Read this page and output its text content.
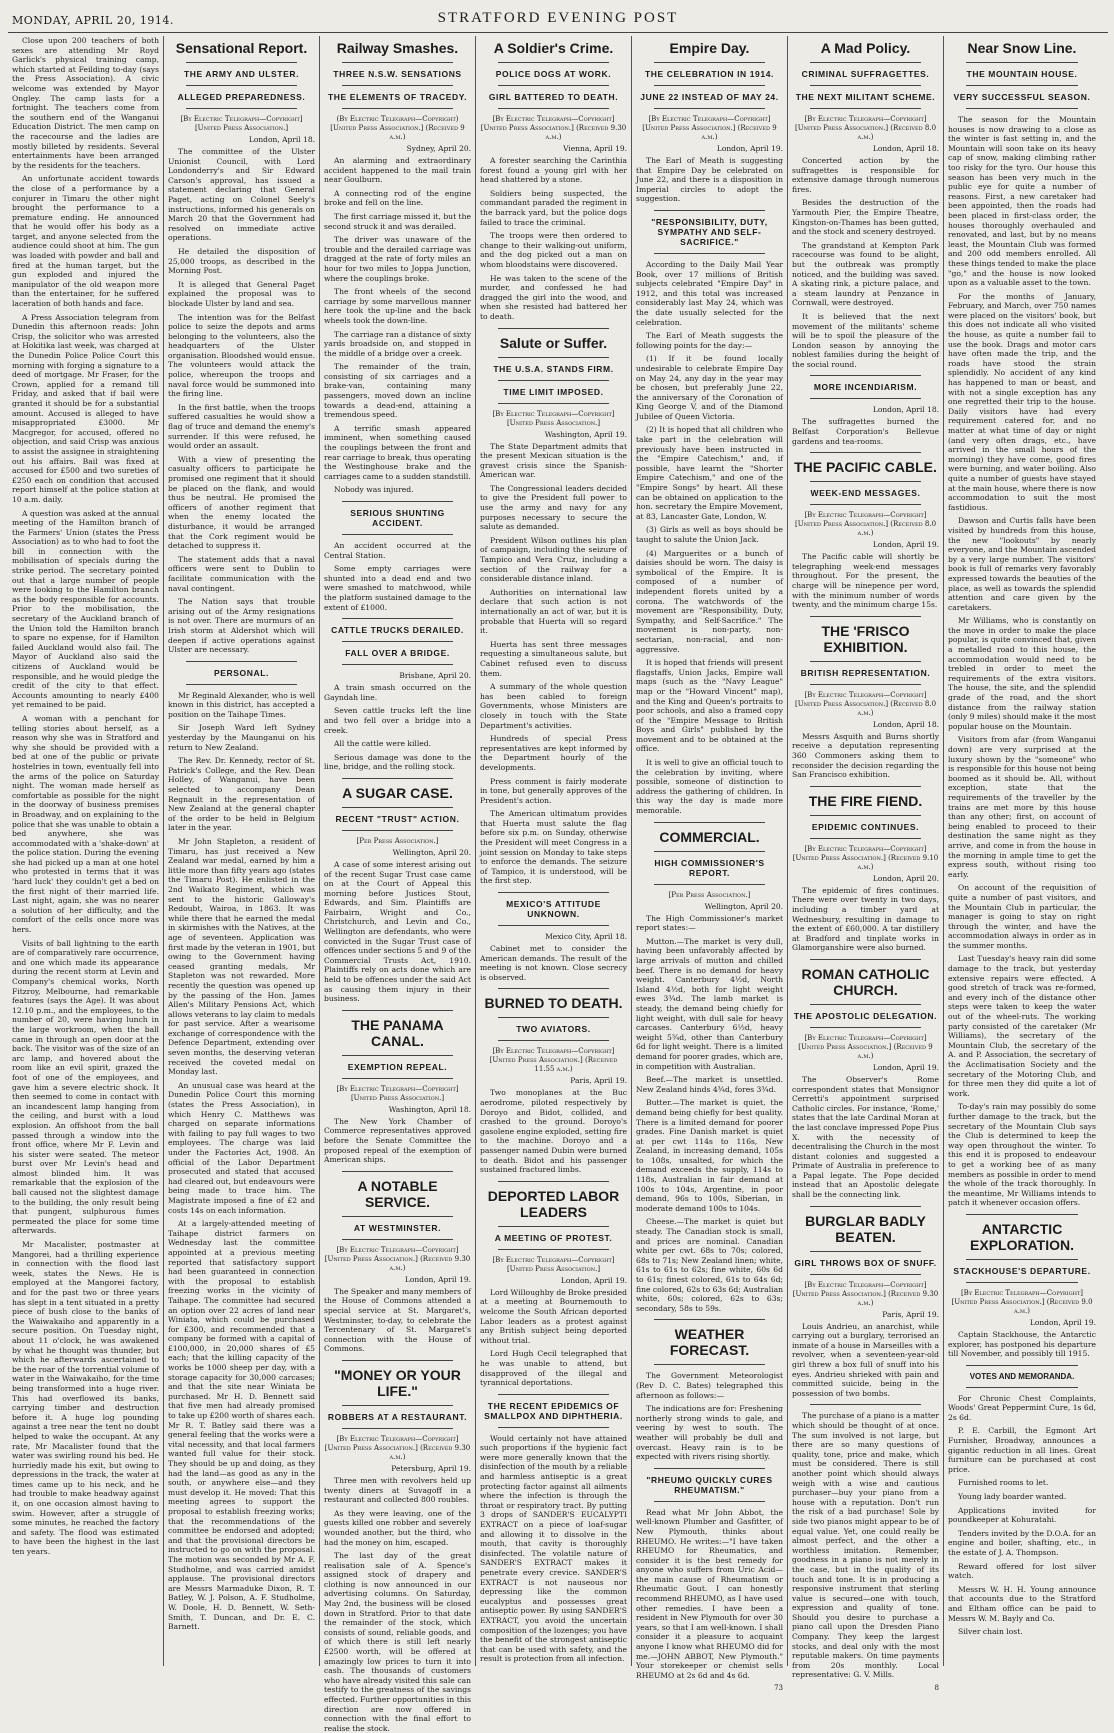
MONDAY, APRIL 20, 1914.	STRATFORD EVENING POST

Close upon 200 teachers of both sexes are attending Mr Royd Garlick's physical training camp, which started at Feilding to-day (says the Press Association). A civic welcome was extended by Mayor Ongley. The camp lasts for a fortnight. The teachers come from the southern end of the Wanganui Education District. The men camp on the racecourse and the ladies are mostly billeted by residents. Several entertainments have been arranged by the residents for the teachers.

An unfortunate accident towards the close of a performance by a conjurer in Timaru the other night brought the performance to a premature ending. He announced that he would offer his body as a target, and anyone selected from the audience could shoot at him. The gun was loaded with powder and ball and fired at the human target, but the gun exploded and injured the manipulator of the old weapon more than the entertainer, for he suffered laceration of both hands and face.

A Press Association telegram from Dunedin this afternoon reads: John Crisp, the solicitor who was arrested at Hokitika last week, was charged at the Dunedin Police Police Court this morning with forging a signature to a deed of mortgage. Mr Fraser, for the Crown, applied for a remand till Friday, and asked that if bail were granted it should be for a substantial amount. Accused is alleged to have misappropriated £3000. Mr Macgregor, for accused, offered no objection, and said Crisp was anxious to assist the assignee in straightening out his affairs. Bail was fixed at accused for £500 and two sureties of £250 each on condition that accused report himself at the police station at 10 a.m. daily.

A question was asked at the annual meeting of the Hamilton branch of the Farmers' Union (states the Press Association) as to who had to foot the bill in connection with the mobilisation of specials during the strike period. The secretary pointed out that a large number of people were looking to the Hamilton branch as the body responsible for accounts. Prior to the mobilisation, the secretary of the Auckland branch of the Union told the Hamilton branch to spare no expense, for if Hamilton failed Auckland would also fail. The Mayor of Auckland also said the citizens of Auckland would be responsible, and he would pledge the credit of the city to that effect. Accounts amounting to nearly £400 yet remained to be paid.

A woman with a penchant for telling stories about herself, as a reason why she was in Stratford and why she should be provided with a bed at one of the public or private hostelries in town, eventually fell into the arms of the police on Saturday night. The woman made herself as comfortable as possible for the night in the doorway of business premises in Broadway, and on explaining to the police that she was unable to obtain a bed anywhere, she was accommodated with a 'shake-down' at the police station. During the evening she had picked up a man at one hotel who protested in terms that it was 'hard luck' they couldn't get a bed on the first night of their married life. Last night, again, she was no nearer a solution of her difficulty, and the comfort of the cells once more was hers.

Visits of ball lightning to the earth are of comparatively rare occurrence, and one which made its appearance during the recent storm at Levin and Company's chemical works, North Fitzroy, Melbourne, had remarkable features (says the Age). It was about 12.10 p.m., and the employees, to the number of 20, were having lunch in the large workroom, when the ball came in through an open door at the back. The visitor was of the size of an arc lamp, and hovered about the room like an evil spirit, grazed the foot of one of the employees, and gave him a severe electric shock. It then seemed to come in contact with an incandescent lamp hanging from the ceiling, and burst with a loud explosion. An offshoot from the ball passed through a window into the front office, where Mr F. Levin and his sister were seated. The meteor burst over Mr Levin's head and almost blinded him. It was remarkable that the explosion of the ball caused not the slightest damage to the building, the only result being that pungent, sulphurous fumes permeated the place for some time afterwards.

Mr Macalister, postmaster at Mangorei, had a thrilling experience in connection with the flood last week, states the News. He is employed at the Mangorei factory, and for the past two or three years has slept in a tent situated in a pretty piece of bush close to the banks of the Waiwakaiho and apparently in a secure position. On Tuesday night, about 11 o'clock, he was awakened by what he thought was thunder, but which he afterwards ascertained to be the roar of the torrential volume of water in the Waiwakaiho, for the time being transformed into a huge river. This had overflowed its banks, carrying timber and destruction before it. A huge log pounding against a tree near the tent no doubt helped to wake the occupant. At any rate, Mr Macalister found that the water was swirling round his bed. He hurriedly made his exit, but owing to depressions in the track, the water at times came up to his neck, and he had trouble to make headway against it, on one occasion almost having to swim. However, after a struggle of some minutes, he reached the factory and safety. The flood was estimated to have been the highest in the last ten years.

Sensational Report.
THE ARMY AND ULSTER.
ALLEGED PREPAREDNESS.
[By Electric Telegraph—Copyright] [United Press Association.]
London, April 18.

The committee of the Ulster Unionist Council, with Lord Londonderry's and Sir Edward Carson's approval, has issued a statement declaring that General Paget, acting on Colonel Seely's instructions, informed his generals on March 20 that the Government had resolved on immediate active operations.

He detailed the disposition of 25,000 troops, as described in the Morning Post.

It is alleged that General Paget explained the proposal was to blockade Ulster by land and sea.

The intention was for the Belfast police to seize the depots and arms belonging to the volunteers, also the headquarters of the Ulster organisation. Bloodshed would ensue. The volunteers would attack the police, whereupon the troops and naval force would be summoned into the firing line.

In the first battle, when the troops suffered casualties he would show a flag of truce and demand the enemy's surrender. If this were refused, he would order an assault.

With a view of presenting the casualty officers to participate he promised one regiment that it should be placed on the flank, and would thus be neutral. He promised the officers of another regiment that when the enemy located the disturbance, it would be arranged that the Cork regiment would be detached to suppress it.

The statement adds that a naval officers were sent to Dublin to facilitate communication with the naval contingent.

The Nation says that trouble arising out of the Army resignations is not over. There are murmurs of an Irish storm at Aldershot which will deepen if active operations against Ulster are necessary.

PERSONAL.

Mr Reginald Alexander, who is well known in this district, has accepted a position on the Taihape Times.

Sir Joseph Ward left Sydney yesterday by the Maunganui on his return to New Zealand.

The Rev. Dr. Kennedy, rector of St. Patrick's College, and the Rev. Dean Holley, of Wanganui, have been selected to accompany Dean Regnault in the representation of New Zealand at the general chapter of the order to be held in Belgium later in the year.

Mr John Stapleton, a resident of Timaru, has just received a New Zealand war medal, earned by him a little more than fifty years ago (states the Timaru Post). He enlisted in the 2nd Waikato Regiment, which was sent to the historic Galloway's Redoubt, Wairoa, in 1863. It was while there that he earned the medal in skirmishes with the Natives, at the age of seventeen. Application was first made by the veteran in 1901, but owing to the Government having ceased granting medals, Mr Stapleton was not rewarded. More recently the question was opened up by the passing of the Hon. James Allen's Military Pensions Act, which allows veterans to lay claim to medals for past service. After a wearisome exchange of correspondence with the Defence Department, extending over seven months, the deserving veteran received the coveted medal on Monday last.

An unusual case was heard at the Dunedin Police Court this morning (states the Press Association), in which Henry C. Matthews was charged on separate informations with failing to pay full wages to two employees. The charge was laid under the Factories Act, 1908. An official of the Labor Department prosecuted and stated that accused had cleared out, but endeavours were being made to trace him. The Magistrate imposed a fine of £2 and costs 14s on each information.

At a largely-attended meeting of Taihape district farmers on Wednesday last the committee appointed at a previous meeting reported that satisfactory support had been guaranteed in connection with the proposal to establish freezing works in the vicinity of Taihape. The committee had secured an option over 22 acres of land near Winiata, which could be purchased for £300, and recommended that a company be formed with a capital of £100,000, in 20,000 shares of £5 each; that the killing capacity of the works be 1000 sheep per day, with a storage capacity for 30,000 carcases; and that the site near Winiata be purchased. Mr H. D. Bennett said that five men had already promised to take up £200 worth of shares each. Mr R. T. Batley said there was a general feeling that the works were a vital necessity, and that local farmers wanted full value for their stock. They should be up and doing, as they had the land—as good as any in the south, or anywhere else—and they must develop it. He moved: That this meeting agrees to support the proposal to establish freezing works; that the recommendations of the committee be endorsed and adopted; and that the provisional directors be instructed to go on with the proposal. The motion was seconded by Mr A. F. Studholme, and was carried amidst applause. The provisional directors are Messrs Marmaduke Dixon, R. T. Batley, W. J. Polson, A. F. Studholme, W. Doole, H. D. Bennett, W. Seth-Smith, T. Duncan, and Dr. E. C. Barnett.

Railway Smashes.
THREE N.S.W. SENSATIONS
THE ELEMENTS OF TRACEDY.
(By Electric Telegraph—Copyright) [United Press Association.] (Received 9 a.m.)
Sydney, April 20.

An alarming and extraordinary accident happened to the mail train near Goulburn.

A connecting rod of the engine broke and fell on the line.

The first carriage missed it, but the second struck it and was derailed.

The driver was unaware of the trouble and the derailed carriage was dragged at the rate of forty miles an hour for two miles to Joppa Junction, where the couplings broke.

The front wheels of the second carriage by some marvellous manner here took the up-line and the back wheels took the down-line.

The carriage ran a distance of sixty yards broadside on, and stopped in the middle of a bridge over a creek.

The remainder of the train, consisting of six carriages and a brake-van, containing many passengers, moved down an incline towards a dead-end, attaining a tremendous speed.

A terrific smash appeared imminent, when something caused the couplings between the front and rear carriage to break, thus operating the Westinghouse brake and the carriages came to a sudden standstill.

Nobody was injured.

SERIOUS SHUNTING ACCIDENT.

An accident occurred at the Central Station.

Some empty carriages were shunted into a dead end and two were smashed to matchwood, while the platform sustained damage to the extent of £1000.

CATTLE TRUCKS DERAILED.
FALL OVER A BRIDGE.
Brisbane, April 20.

A train smash occurred on the Gayndah line.

Seven cattle trucks left the line and two fell over a bridge into a creek.

All the cattle were killed.

Serious damage was done to the line, bridge, and the rolling stock.

A SUGAR CASE.
RECENT "TRUST" ACTION.
[Per Press Association.]
Wellington, April 20.

A case of some interest arising out of the recent Sugar Trust case came on at the Court of Appeal this morning before Justices Stout, Edwards, and Sim. Plaintiffs are Fairbairn, Wright and Co., Christchurch, and Levin and Co., Wellington are defendants, who were convicted in the Sugar Trust case of offences under sections 5 and 9 of the Commercial Trusts Act, 1910. Plaintiffs rely on acts done which are held to be offences under the said Act as causing them injury in their business.

THE PANAMA CANAL.
EXEMPTION REPEAL.
[By Electric Telegraph—Copyright] [United Press Association.]
Washington, April 18.

The New York Chamber of Commerce representatives approved before the Senate Committee the proposed repeal of the exemption of American ships.

A NOTABLE SERVICE.
AT WESTMINSTER.
[By Electric Telegraph—Copyright] [United Press Association.] (Received 9.30 a.m.)
London, April 19.

The Speaker and many members of the House of Commons attended a special service at St. Margaret's, Westminster, to-day, to celebrate the Tercentenary of St. Margaret's connection with the House of Commons.

"MONEY OR YOUR LIFE."
ROBBERS AT A RESTAURANT.
[By Electric Telegraph—Copyright] [United Press Association.] (Received 9.30 a.m.)
Petersburg, April 19.

Three men with revolvers held up twenty diners at Suvagoff in a restaurant and collected 800 roubles.

As they were leaving, one of the guests killed one robber and severely wounded another, but the third, who had the money on him, escaped.

The last day of the great realisation sale of A. Spence's assigned stock of drapery and clothing is now announced in our advertising columns. On Saturday, May 2nd, the business will be closed down in Stratford. Prior to that date the remainder of the stock, which consists of sound, reliable goods, and of which there is still left nearly £2500 worth, will be offered at amazingly low prices to turn it into cash. The thousands of customers who have already visited this sale can testify to the greatness of the savings effected. Further opportunities in this direction are now offered in connection with the final effort to realise the stock.

A Soldier's Crime.
POLICE DOGS AT WORK.
GIRL BATTERED TO DEATH.
[By Electric Telegraph—Copyright] [United Press Association.] (Received 9.30 a.m.)
Vienna, April 19.

A forester searching the Carinthia forest found a young girl with her head shattered by a stone.

Soldiers being suspected, the commandant paraded the regiment in the barrack yard, but the police dogs failed to trace the criminal.

The troops were then ordered to change to their walking-out uniform, and the dog picked out a man on whom bloodstains were discovered.

He was taken to the scene of the murder, and confessed he had dragged the girl into the wood, and when she resisted had battered her to death.

Salute or Suffer.
THE U.S.A. STANDS FIRM.
TIME LIMIT IMPOSED.
[By Electric Telegraph—Copyright] [United Press Association.]
Washington, April 19.

The State Department admits that the present Mexican situation is the gravest crisis since the Spanish-American war.

The Congressional leaders decided to give the President full power to use the army and navy for any purposes necessary to secure the salute as demanded.

President Wilson outlines his plan of campaign, including the seizure of Tampico and Vera Cruz, including a section of the railway for a considerable distance inland.

Authorities on international law declare that such action is not internationally an act of war, but it is probable that Huerta will so regard it.

Huerta has sent three messages requesting a simultaneous salute, but Cabinet refused even to discuss them.

A summary of the whole question has been cabled to foreign Governments, whose Ministers are closely in touch with the State Department's activities.

Hundreds of special Press representatives are kept informed by the Department hourly of the developments.

Press comment is fairly moderate in tone, but generally approves of the President's action.

The American ultimatum provides that Huerta must salute the flag before six p.m. on Sunday, otherwise the President will meet Congress in a joint session on Monday to take steps to enforce the demands. The seizure of Tampico, it is understood, will be the first step.

MEXICO'S ATTITUDE UNKNOWN.
Mexico City, April 18.

Cabinet met to consider the American demands. The result of the meeting is not known. Close secrecy is observed.

BURNED TO DEATH.
TWO AVIATORS.
[By Electric Telegraph—Copyright] [United Press Association.] (Received 11.55 a.m.)
Paris, April 19.

Two monoplanes at the Buc aerodrome, piloted respectively by Doroyo and Bidot, collided, and crashed to the ground. Doroyo's gasolene engine exploded, setting fire to the machine. Doroyo and a passenger named Dubin were burned to death. Bidot and his passenger sustained fractured limbs.

DEPORTED LABOR LEADERS
A MEETING OF PROTEST.
[By Electric Telegraph—Copyright] [United Press Association.]
London, April 19.

Lord Willoughby de Broke presided at a meeting at Bournemouth to welcome the South African deported Labor leaders as a protest against any British subject being deported without trial.

Lord Hugh Cecil telegraphed that he was unable to attend, but disapproved of the illegal and tyrannical deportations.

THE RECENT EPIDEMICS OF SMALLPOX AND DIPHTHERIA.

Would certainly not have attained such proportions if the hygienic fact were more generally known that the disinfection of the mouth by a reliable and harmless antiseptic is a great protecting factor against all ailments where the infection is through the throat or respiratory tract. By putting 3 drops of SANDER'S EUCALYPTI EXTRACT on a piece of loaf-sugar and allowing it to dissolve in the mouth, that cavity is thoroughly disinfected. The volatile nature of SANDER'S EXTRACT makes it penetrate every crevice. SANDER'S EXTRACT is not nauseous nor depressing like the common eucalyptus and possesses great antiseptic power. By using SANDER'S EXTRACT, you avoid the uncertain composition of the lozenges; you have the benefit of the strongest antiseptic that can be used with safety, and the result is protection from all infection.

Empire Day.
THE CELEBRATION IN 1914.
JUNE 22 INSTEAD OF MAY 24.
[By Electric Telegraph—Copyright] [United Press Association.] (Received 9 a.m.)
London, April 19.

The Earl of Meath is suggesting that Empire Day be celebrated on June 22, and there is a disposition in Imperial circles to adopt the suggestion.

"RESPONSIBILITY, DUTY, SYMPATHY AND SELF-SACRIFICE."

According to the Daily Mail Year Book, over 17 millions of British subjects celebrated "Empire Day" in 1912, and this total was increased considerably last May 24, which was the date usually selected for the celebration.

The Earl of Meath suggests the following points for the day:—

(1) If it be found locally undesirable to celebrate Empire Day on May 24, any day in the year may be chosen, but preferably June 22, the anniversary of the Coronation of King George V, and of the Diamond Jubilee of Queen Victoria.

(2) It is hoped that all children who take part in the celebration will previously have been instructed in the "Empire Catechism," and, if possible, have learnt the "Shorter Empire Catechism," and one of the "Empire Songs" by heart. All these can be obtained on application to the hon. secretary the Empire Movement, at 83, Lancaster Gate, London, W.

(3) Girls as well as boys should be taught to salute the Union Jack.

(4) Marguerites or a bunch of daisies should be worn. The daisy is symbolical of the Empire. It is composed of a number of independent florets united by a corona. The watchwords of the movement are "Responsibility, Duty, Sympathy, and Self-Sacrifice." The movement is non-party, non-sectarian, non-racial, and non-aggressive.

It is hoped that friends will present flagstaffs, Union Jacks, Empire wall maps (such as the "Navy League" map or the "Howard Vincent" map), and the King and Queen's portraits to poor schools, and also a framed copy of the "Empire Message to British Boys and Girls" published by the movement and to be obtained at the office.

It is well to give an official touch to the celebration by inviting, where possible, someone of distinction to address the gathering of children. In this way the day is made more memorable.

COMMERCIAL.
HIGH COMMISSIONER'S REPORT.
[Per Press Association.]
Wellington, April 20.

The High Commissioner's market report states:—

Mutton.—The market is very dull, having been unfavorably affected by large arrivals of mutton and chilled beef. There is no demand for heavy weight. Canterbury 4½d, North Island 4½d, both for light weight ewes 3¾d. The lamb market is steady, the demand being chiefly for light weight, with dull sale for heavy carcases. Canterbury 6½d, heavy weight 5¾d, other than Canterbury 6d for light weight. There is a limited demand for poorer grades, which are, in competition with Australian.

Beef.—The market is unsettled. New Zealand hinds 4¾d, fores 3¾d.

Butter.—The market is quiet, the demand being chiefly for best quality. There is a limited demand for poorer grades. Fine Danish market is quiet at per cwt 114s to 116s, New Zealand, in increasing demand, 105s to 108s, unsalted, for which the demand exceeds the supply, 114s to 118s, Australian in fair demand at 100s to 104s, Argentine, in poor demand, 96s to 100s, Siberian, in moderate demand 100s to 104s.

Cheese.—The market is quiet but steady. The Canadian stock is small, and prices are nominal. Canadian white per cwt. 68s to 70s; colored, 68s to 71s; New Zealand linen; white, 61s to 61s to 62s; fine white, 60s 6d to 61s; finest colored, 61s to 64s 6d; fine colored, 62s to 63s 6d; Australian white, 60s; colored, 62s to 63s; secondary, 58s to 59s.

WEATHER FORECAST.

The Government Meteorologist (Rev D. C. Bates) telegraphed this afternoon as follows:—

The indications are for: Freshening northerly strong winds to gale, and veering by west to south. The weather will probably be dull and overcast. Heavy rain is to be expected with rivers rising shortly.

"RHEUMO QUICKLY CURES RHEUMATISM."

Read what Mr John Abbot, the well-known Plumber and Gasfitter, of New Plymouth, thinks about RHEUMO. He writes:—"I have taken RHEUMO for Rheumatics, and consider it is the best remedy for anyone who suffers from Uric Acid—the main cause of Rheumatism or Rheumatic Gout. I can honestly recommend RHEUMO, as I have used other remedies. I have been a resident in New Plymouth for over 30 years, so that I am well-known. I shall consider it a pleasure to acquaint anyone I know what RHEUMO did for me.—JOHN ABBOT, New Plymouth." Your storekeeper or chemist sells RHEUMO at 2s 6d and 4s 6d.

73
A Mad Policy.
CRIMINAL SUFFRAGETTES.
THE NEXT MILITANT SCHEME.
[By Electric Telegraph—Copyright] [United Press Association.] (Received 8.0 a.m.)
London, April 18.

Concerted action by the suffragettes is responsible for extensive damage through numerous fires.

Besides the destruction of the Yarmouth Pier, the Empire Theatre, Kingston-on-Thames has been gutted, and the stock and scenery destroyed.

The grandstand at Kempton Park racecourse was found to be alight, but the outbreak was promptly noticed, and the building was saved. A skating rink, a picture palace, and a steam laundry at Penzance in Cornwall, were destroyed.

It is believed that the next movement of the militants' scheme will be to spoil the pleasure of the London season by annoying the noblest families during the height of the social round.

MORE INCENDIARISM.
London, April 18.

The suffragettes burned the Belfast Corporation's Bellevue gardens and tea-rooms.

THE PACIFIC CABLE.
WEEK-END MESSAGES.
[By Electric Telegraph—Copyright] [United Press Association.] (Received 8.0 a.m.)
London, April 19.

The Pacific cable will shortly be telegraphing week-end messages throughout. For the present, the charge will be ninepence per word, with the minimum number of words twenty, and the minimum charge 15s.

THE 'FRISCO EXHIBITION.
BRITISH REPRESENTATION.
[By Electric Telegraph—Copyright] [United Press Association.] (Received 8.0 a.m.)
London, April 18.

Messrs Asquith and Burns shortly receive a deputation representing 360 Commoners asking them to reconsider the decision regarding the San Francisco exhibition.

THE FIRE FIEND.
EPIDEMIC CONTINUES.
[By Electric Telegraph—Copyright] [United Press Association.] (Received 9.10 a.m.)
London, April 20.

The epidemic of fires continues. There were over twenty in two days, including a timber yard at Wednesbury, resulting in damage to the extent of £60,000. A tar distillery at Bradford and tinplate works in Glamorganshire were also burned.

ROMAN CATHOLIC CHURCH.
THE APOSTOLIC DELEGATION.
[By Electric Telegraph—Copyright] [United Press Association.] (Received 9 a.m.)
London, April 19.

The Observer's Rome correspondent states that Monsignor Cerretti's appointment surprised Catholic circles. For instance, 'Rome,' states that the late Cardinal Moran at the last conclave impressed Pope Pius X. with the necessity of decentralising the Church in the most distant colonies and suggested a Primate of Australia in preference to a Papal legate. The Pope decided instead that an Apostolic delegate shall be the connecting link.

BURGLAR BADLY BEATEN.
GIRL THROWS BOX OF SNUFF.
[By Electric Telegraph—Copyright] [United Press Association.] (Received 9.30 a.m.)
Paris, April 19.

Louis Andrieu, an anarchist, while carrying out a burglary, terrorised an inmate of a house in Marseilles with a revolver, when a seventeen-year-old girl threw a box full of snuff into his eyes. Andrieu shrieked with pain and committed suicide, being in the possession of two bombs.

The purchase of a piano is a matter which should be thought of at once. The sum involved is not large, but there are so many questions of quality, tone, price and make, which must be considered. There is still another point which should always weigh with a wise and cautious purchaser—buy your piano from a house with a reputation. Don't run the risk of a bad purchase! Sole by side two pianos might appear to be of equal value. Yet, one could really be almost perfect, and the other a worthless imitation. Remember, goodness in a piano is not merely in the case, but in the quality of its touch and tone. It is in producing a responsive instrument that sterling value is secured—one with touch, expression and quality of tone. Should you desire to purchase a piano call upon the Dresden Piano Company. They keep the largest stocks, and deal only with the most reputable makers. On time payments from 20s monthly. Local representative: G. V. Mills.

8
Near Snow Line.
THE MOUNTAIN HOUSE.
VERY SUCCESSFUL SEASON.

The season for the Mountain houses is now drawing to a close as the winter is fast setting in, and the Mountain will soon take on its heavy cap of snow, making climbing rather too risky for the tyro. Our house this season has been very much in the public eye for quite a number of reasons. First, a new caretaker had been appointed, then the roads had been placed in first-class order, the houses thoroughly overhauled and renovated, and last, but by no means least, the Mountain Club was formed and 200 odd members enrolled. All these things tended to make the place "go," and the house is now looked upon as a valuable asset to the town.

For the months of January, February, and March, over 750 names were placed on the visitors' book, but this does not indicate all who visited the house, as quite a number fail to use the book. Drags and motor cars have often made the trip, and the roads have stood the strain splendidly. No accident of any kind has happened to man or beast, and with not a single exception has any one regretted their trip to the house. Daily visitors have had every requirement catered for, and no matter at what time of day or night (and very often drags, etc., have arrived in the small hours of the morning) they have come, good fires were burning, and water boiling. Also quite a number of guests have stayed at the main house, where there is now accommodation to suit the most fastidious.

Dawson and Curtis falls have been visited by hundreds from this house, the new "lookouts" by nearly everyone, and the Mountain ascended by a very large number. The visitors' book is full of remarks very favorably expressed towards the beauties of the place, as well as towards the splendid attention and care given by the caretakers.

Mr Williams, who is constantly on the move in order to make the place popular, is quite convinced that, given a metalled road to this house, the accommodation would need to be trebled in order to meet the requirements of the extra visitors. The house, the site, and the splendid grade of the road, and the short distance from the railway station (only 9 miles) should make it the most popular house on the Mountain.

Visitors from afar (from Wanganui down) are very surprised at the luxury shown by the "someone" who is responsible for this house not being boomed as it should be. All, without exception, state that the requirements of the traveller by the trains are met more by this house than any other; first, on account of being enabled to proceed to their destination the same night as they arrive, and come in from the house in the morning in ample time to get the express south, without rising too early.

On account of the requisition of quite a number of past visitors, and the Mountain Club in particular, the manager is going to stay on right through the winter, and have the accommodation always in order as in the summer months.

Last Tuesday's heavy rain did some damage to the track, but yesterday extensive repairs were effected. A good stretch of track was re-formed, and every inch of the distance other steps were taken to keep the water out of the wheel-ruts. The working party consisted of the caretaker (Mr Williams), the secretary of the Mountain Club, the secretary of the A. and P. Association, the secretary of the Acclimatisation Society and the secretary of the Motoring Club, and for three men they did quite a lot of work.

To-day's rain may possibly do some further damage to the track, but the secretary of the Mountain Club says the Club is determined to keep the way open throughout the winter. To this end it is proposed to endeavour to get a working bee of as many members as possible in order to mend the whole of the track thoroughly. In the meantime, Mr Williams intends to patch it whenever occasion offers.

ANTARCTIC EXPLORATION.
STACKHOUSE'S DEPARTURE.
[By Electric Telegraph—Copyright] [United Press Association.] (Received 9.0 a.m.)
London, April 19.

Captain Stackhouse, the Antarctic explorer, has postponed his departure till November, and possibly till 1915.

VOTES AND MEMORANDA.

For Chronic Chest Complaints, Woods' Great Peppermint Cure, 1s 6d, 2s 6d.

P. E. Carbill, the Egmont Art Furnisher, Broadway, announces a gigantic reduction in all lines. Great furniture can be purchased at cost price.

Furnished rooms to let.

Young lady boarder wanted.

Applications invited for poundkeeper at Kohuratahi.

Tenders invited by the D.O.A. for an engine and boiler, shafting, etc., in the estate of J. A. Thompson.

Reward offered for lost silver watch.

Messrs W. H. H. Young announce that accounts due to the Stratford and Eltham office can be paid to Messrs W. M. Bayly and Co.

Silver chain lost.
